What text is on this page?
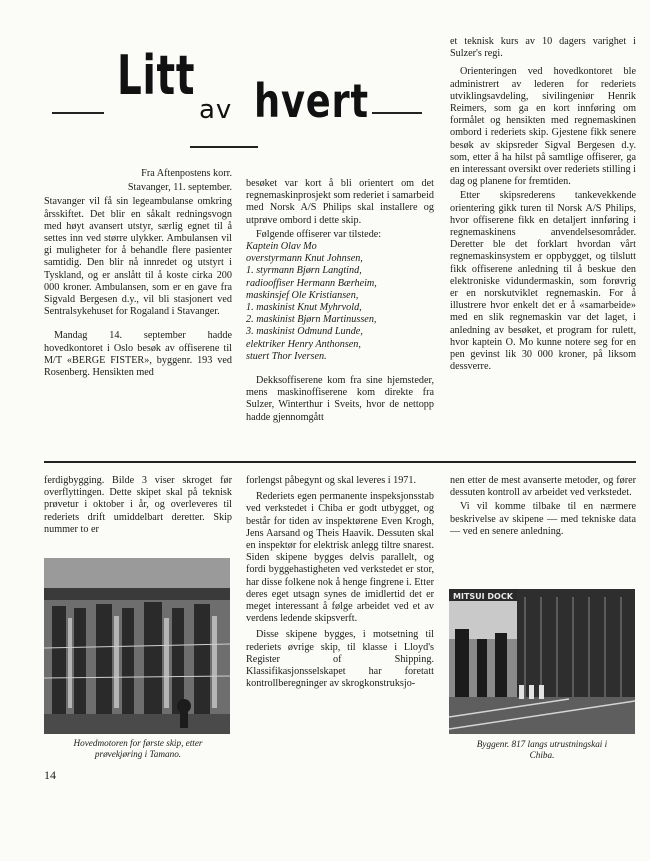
Litt
av hvert

Fra Aftenpostens korr.

Stavanger, 11. september.

Stavanger vil få sin legeambulanse omkring årsskiftet. Det blir en såkalt redningsvogn med høyt avansert utstyr, særlig egnet til å settes inn ved større ulykker. Ambulansen vil gi muligheter for å behandle flere pasienter samtidig. Den blir nå innredet og utstyrt i Tyskland, og er anslått til å koste cirka 200 000 kroner. Ambulansen, som er en gave fra Sigvald Bergesen d.y., vil bli stasjonert ved Sentralsykehuset for Rogaland i Stavanger.

Mandag 14. september hadde hovedkontoret i Oslo besøk av offiserene til M/T «BERGE FISTER», byggenr. 193 ved Rosenberg. Hensikten med

besøket var kort å bli orientert om det regnemaskinprosjekt som rederiet i samarbeid med Norsk A/S Philips skal installere og utprøve ombord i dette skip.

Følgende offiserer var tilstede:

Kaptein Olav Mo

overstyrmann Knut Johnsen,

1. styrmann Bjørn Langtind,

radiooffiser Hermann Bærheim,

maskinsjef Ole Kristiansen,

1. maskinist Knut Myhrvold,

2. maskinist Bjørn Martinussen,

3. maskinist Odmund Lunde,

elektriker Henry Anthonsen,

stuert Thor Iversen.

Dekksoffiserene kom fra sine hjemsteder, mens maskinoffiserene kom direkte fra Sulzer, Winterthur i Sveits, hvor de nettopp hadde gjennomgått

et teknisk kurs av 10 dagers varighet i Sulzer's regi.

Orienteringen ved hovedkontoret ble administrert av lederen for rederiets utviklingsavdeling, sivilingeniør Henrik Reimers, som ga en kort innføring om formålet og hensikten med regnemaskinen ombord i rederiets skip. Gjestene fikk senere besøk av skipsreder Sigval Bergesen d.y. som, etter å ha hilst på samtlige offiserer, ga en interessant oversikt over rederiets stilling i dag og planene for fremtiden.

Etter skipsrederens tankevekkende orientering gikk turen til Norsk A/S Philips, hvor offiserene fikk en detaljert innføring i regnemaskinens anvendelsesområder. Deretter ble det forklart hvordan vårt regnemaskinsystem er oppbygget, og tilslutt fikk offiserene anledning til å beskue den elektroniske vidundermaskin, som forøvrig er en norskutviklet regnemaskin. For å illustrere hvor enkelt det er å «samarbeide» med en slik regnemaskin var det laget, i anledning av besøket, et program for rulett, hvor kaptein O. Mo kunne notere seg for en pen gevinst lik 30 000 kroner, på liksom dessverre.

ferdigbygging. Bilde 3 viser skroget før overflyttingen. Dette skipet skal på teknisk prøvetur i oktober i år, og overleveres til rederiets drift umiddelbart deretter. Skip nummer to er

Hovedmotoren for første skip, etter prøvekjøring i Tamano.

forlengst påbegynt og skal leveres i 1971.

Rederiets egen permanente inspeksjonsstab ved verkstedet i Chiba er godt utbygget, og består for tiden av inspektørene Even Krogh, Jens Aarsand og Theis Haavik. Dessuten skal en inspektør for elektrisk anlegg tiltre snarest. Siden skipene bygges delvis parallelt, og fordi byggehastigheten ved verkstedet er stor, har disse folkene nok å henge fingrene i. Etter deres eget utsagn synes de imidlertid det er meget interessant å følge arbeidet ved et av verdens ledende skipsverft.

Disse skipene bygges, i motsetning til rederiets øvrige skip, til klasse i Lloyd's Register of Shipping. Klassifikasjonsselskapet har foretatt kontrollberegninger av skrogkonstruksjo-

nen etter de mest avanserte metoder, og fører dessuten kontroll av arbeidet ved verkstedet.

Vi vil komme tilbake til en nærmere beskrivelse av skipene — med tekniske data — ved en senere anledning.

MITSUI DOCK
Byggenr. 817 langs utrustningskai i Chiba.
14
